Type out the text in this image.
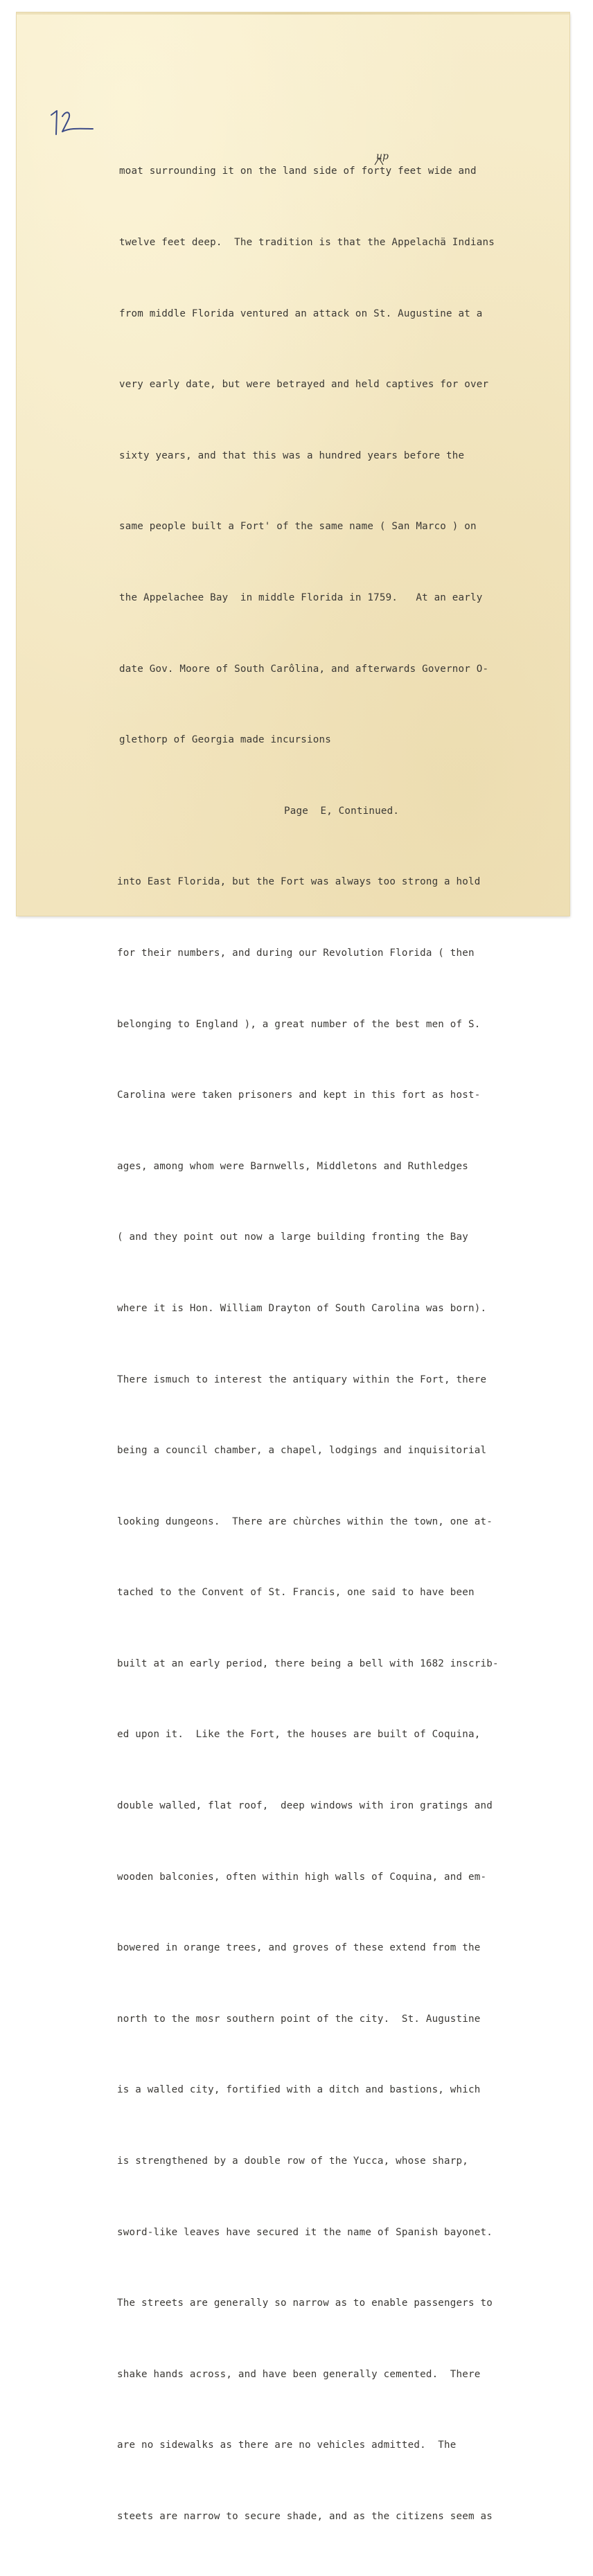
up

moat surrounding it on the land side of forty feet wide and

twelve feet deep.  The tradition is that the Appelachä Indians

from middle Florida ventured an attack on St. Augustine at a

very early date, but were betrayed and held captives for over

sixty years, and that this was a hundred years before the

same people built a Fort' of the same name ( San Marco ) on

the Appelachee Bay  in middle Florida in 1759.   At an early

date Gov. Moore of South Carôlina, and afterwards Governor O-

glethorp of Georgia made incursions

Page  E, Continued.

into East Florida, but the Fort was always too strong a hold

for their numbers, and during our Revolution Florida ( then

belonging to England ), a great number of the best men of S.

Carolina were taken prisoners and kept in this fort as host-

ages, among whom were Barnwells, Middletons and Ruthledges

( and they point out now a large building fronting the Bay

where it is Hon. William Drayton of South Carolina was born).

There ismuch to interest the antiquary within the Fort, there

being a council chamber, a chapel, lodgings and inquisitorial

looking dungeons.  There are chùrches within the town, one at-

tached to the Convent of St. Francis, one said to have been

built at an early period, there being a bell with 1682 inscrib-

ed upon it.  Like the Fort, the houses are built of Coquina,

double walled, flat roof,  deep windows with iron gratings and

wooden balconies, often within high walls of Coquina, and em-

bowered in orange trees, and groves of these extend from the

north to the mosr southern point of the city.  St. Augustine

is a walled city, fortified with a ditch and bastions, which

is strengthened by a double row of the Yucca, whose sharp,

sword-like leaves have secured it the name of Spanish bayonet.

The streets are generally so narrow as to enable passengers to

shake hands across, and have been generally cemented.  There

are no sidewalks as there are no vehicles admitted.  The

steets are narrow to secure shade, and as the citizens seem as
